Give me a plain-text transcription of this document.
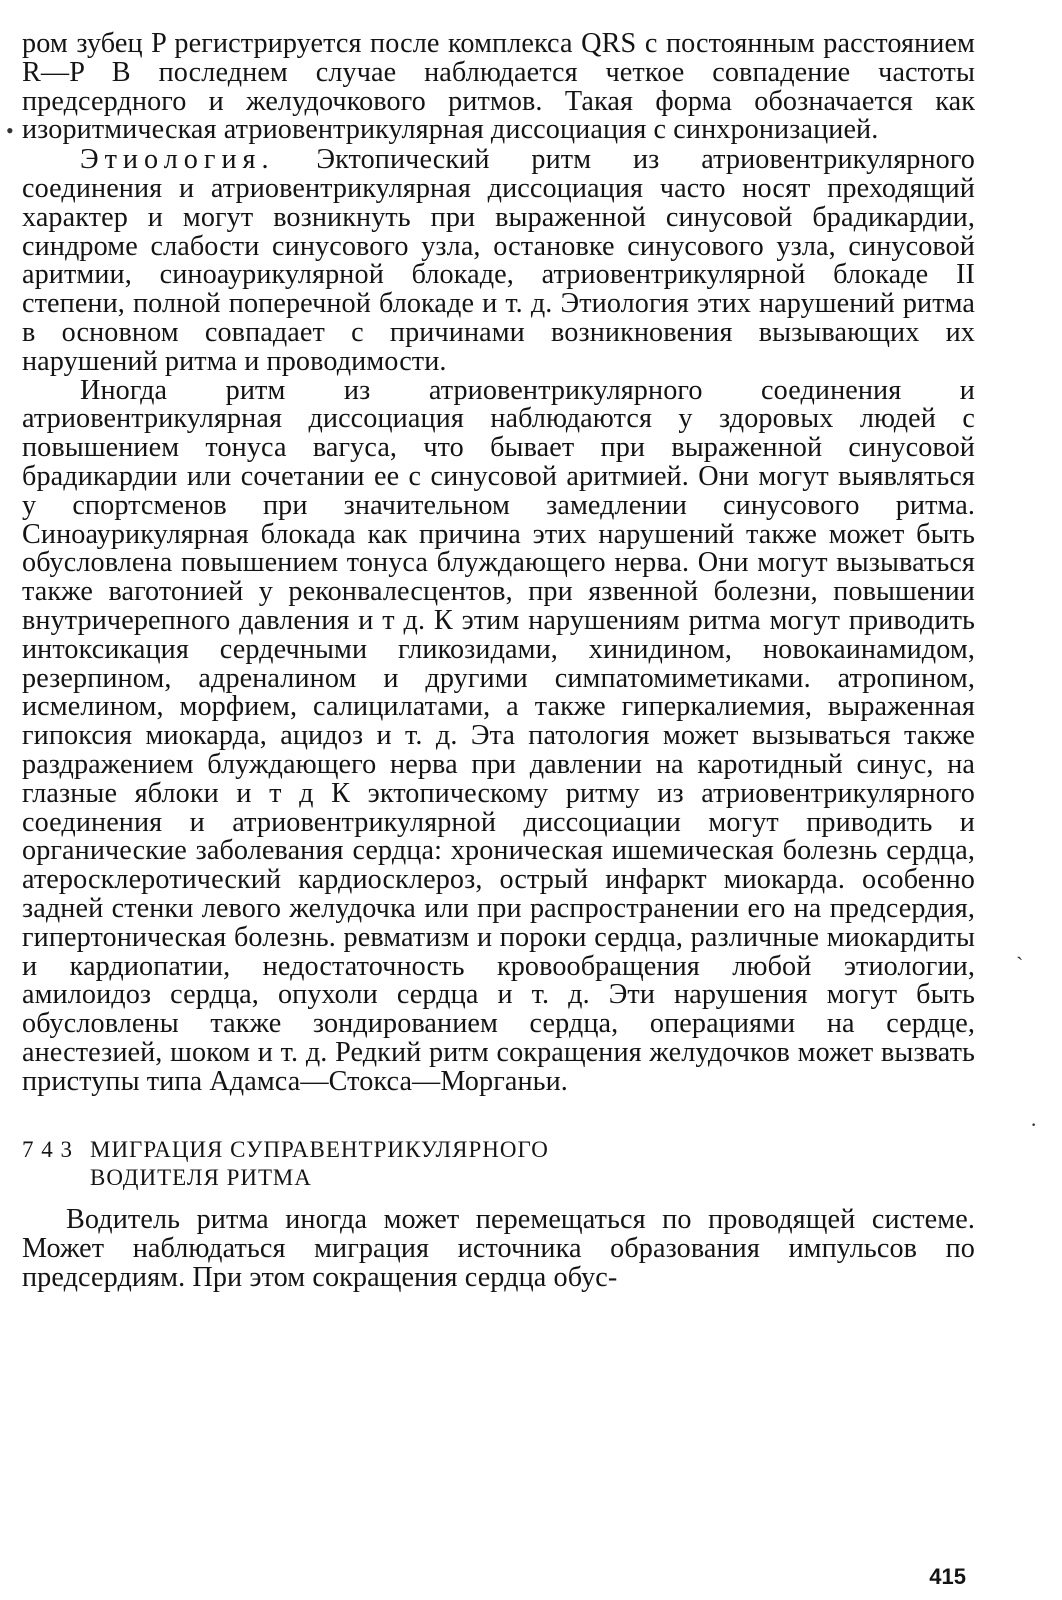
ром зубец P регистрируется после комплекса QRS с постоянным расстоянием R—P В последнем случае наблюдается четкое совпадение частоты предсердного и желудочкового ритмов. Такая форма обозначается как изоритмическая атриовентрикулярная диссоциация с синхронизацией.

Этиология. Эктопический ритм из атриовентрикулярного соединения и атриовентрикулярная диссоциация часто носят преходящий характер и могут возникнуть при выраженной синусовой брадикардии, синдроме слабости синусового узла, остановке синусового узла, синусовой аритмии, синоаурикулярной блокаде, атриовентрикулярной блокаде II степени, полной поперечной блокаде и т. д. Этиология этих нарушений ритма в основном совпадает с причинами возникновения вызывающих их нарушений ритма и проводимости.

Иногда ритм из атриовентрикулярного соединения и атриовентрикулярная диссоциация наблюдаются у здоровых людей с повышением тонуса вагуса, что бывает при выраженной синусовой брадикардии или сочетании ее с синусовой аритмией. Они могут выявляться у спортсменов при значительном замедлении синусового ритма. Синоаурикулярная блокада как причина этих нарушений также может быть обусловлена повышением тонуса блуждающего нерва. Они могут вызываться также ваготонией у реконвалесцентов, при язвенной болезни, повышении внутричерепного давления и т д. К этим нарушениям ритма могут приводить интоксикация сердечными гликозидами, хинидином, новокаинамидом, резерпином, адреналином и другими симпатомиметиками. атропином, исмелином, морфием, салицилатами, а также гиперкалиемия, выраженная гипоксия миокарда, ацидоз и т. д. Эта патология может вызываться также раздражением блуждающего нерва при давлении на каротидный синус, на глазные яблоки и т д К эктопическому ритму из атриовентрикулярного соединения и атриовентрикулярной диссоциации могут приводить и органические заболевания сердца: хроническая ишемическая болезнь сердца, атеросклеротический кардиосклероз, острый инфаркт миокарда. особенно задней стенки левого желудочка или при распространении его на предсердия, гипертоническая болезнь. ревматизм и пороки сердца, различные миокардиты и кардиопатии, недостаточность кровообращения любой этиологии, амилоидоз сердца, опухоли сердца и т. д. Эти нарушения могут быть обусловлены также зондированием сердца, операциями на сердце, анестезией, шоком и т. д. Редкий ритм сокращения желудочков может вызвать приступы типа Адамса—Стокса—Морганьи.

7 4 3 МИГРАЦИЯ СУПРАВЕНТРИКУЛЯРНОГО
ВОДИТЕЛЯ РИТМА

Водитель ритма иногда может перемещаться по проводящей системе. Может наблюдаться миграция источника образования импульсов по предсердиям. При этом сокращения сердца обус-

•
`
·
415
